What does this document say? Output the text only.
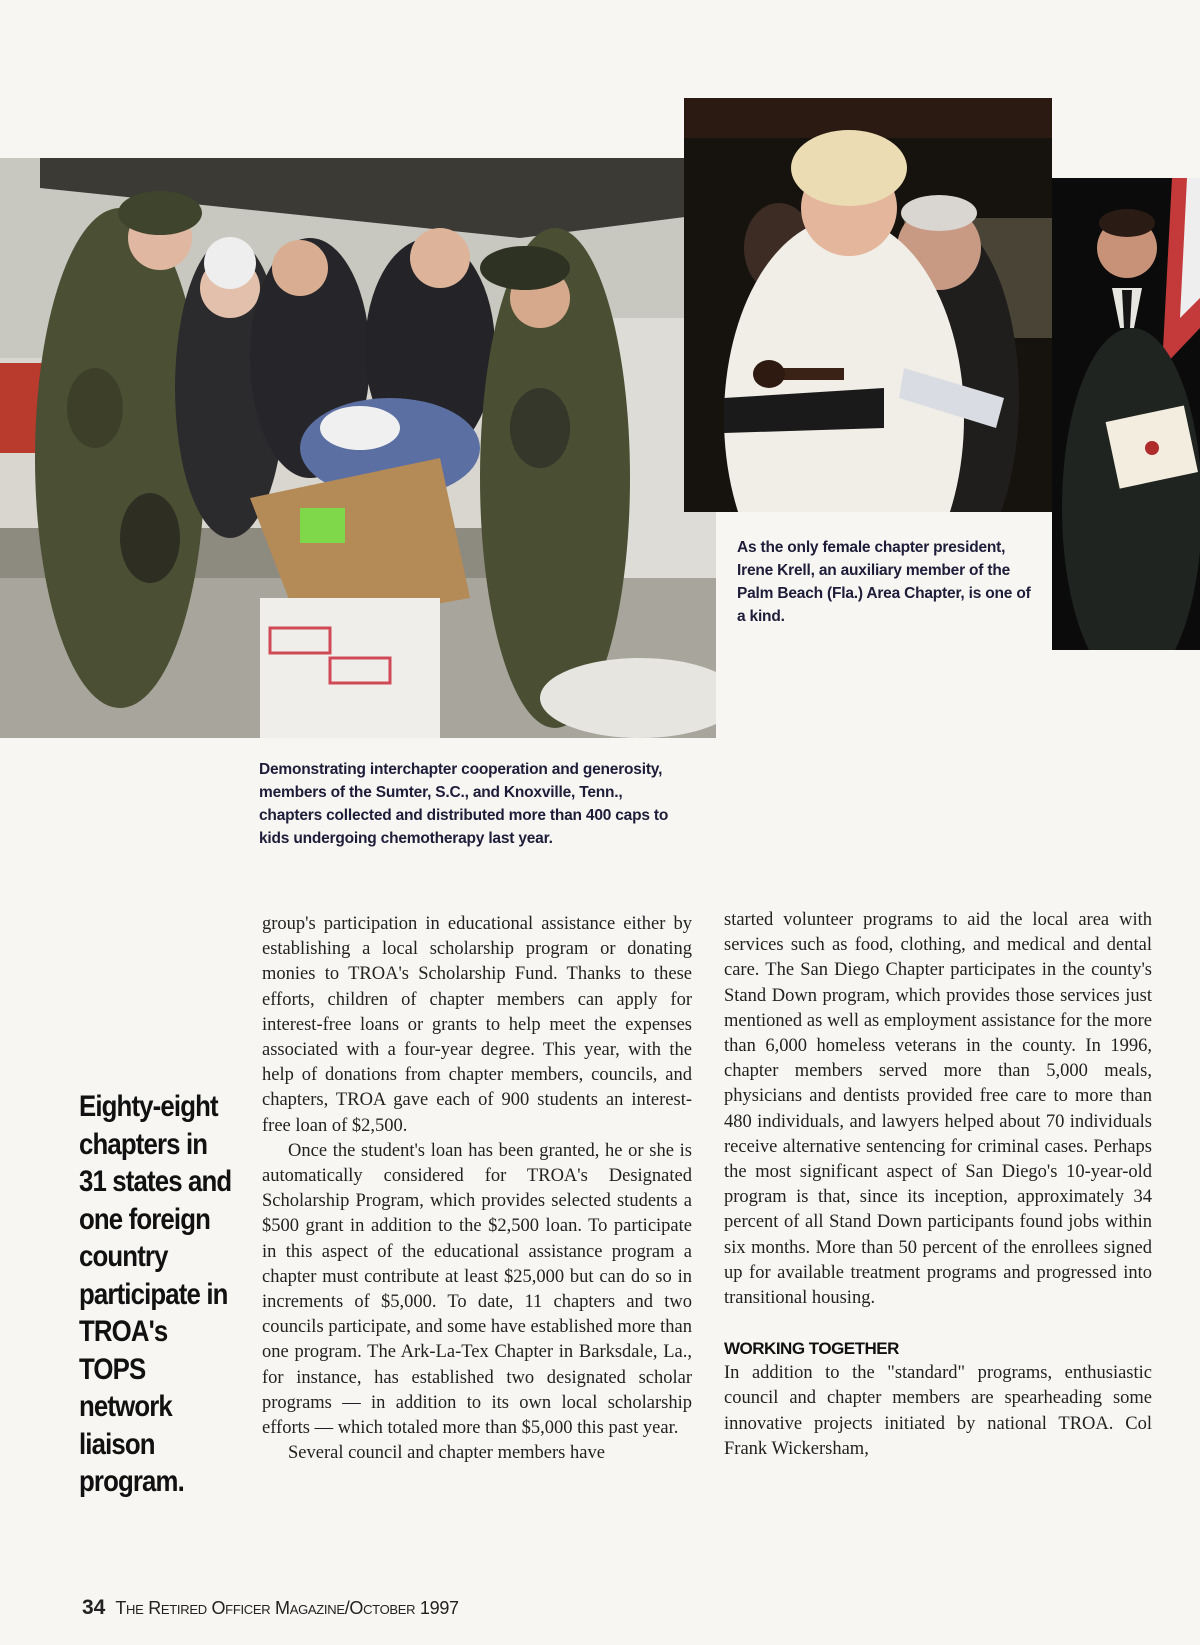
As the only female chapter president, Irene Krell, an auxiliary member of the Palm Beach (Fla.) Area Chapter, is one of a kind.
Demonstrating interchapter cooperation and generosity, members of the Sumter, S.C., and Knoxville, Tenn., chapters collected and distributed more than 400 caps to kids undergoing chemotherapy last year.
Eighty-eight chapters in 31 states and one foreign country participate in TROA's TOPS network liaison program.

group's participation in educational assistance either by establishing a local scholarship program or donating monies to TROA's Scholarship Fund. Thanks to these efforts, children of chapter members can apply for interest-free loans or grants to help meet the expenses associated with a four-year degree. This year, with the help of donations from chapter members, councils, and chapters, TROA gave each of 900 students an interest-free loan of $2,500.

Once the student's loan has been granted, he or she is automatically considered for TROA's Designated Scholarship Program, which provides selected students a $500 grant in addition to the $2,500 loan. To participate in this aspect of the educational assistance program a chapter must contribute at least $25,000 but can do so in increments of $5,000. To date, 11 chapters and two councils participate, and some have established more than one program. The Ark-La-Tex Chapter in Barksdale, La., for instance, has established two designated scholar programs — in addition to its own local scholarship efforts — which totaled more than $5,000 this past year.

Several council and chapter members have

started volunteer programs to aid the local area with services such as food, clothing, and medical and dental care. The San Diego Chapter participates in the county's Stand Down program, which provides those services just mentioned as well as employment assistance for the more than 6,000 homeless veterans in the county. In 1996, chapter members served more than 5,000 meals, physicians and dentists provided free care to more than 480 individuals, and lawyers helped about 70 individuals receive alternative sentencing for criminal cases. Perhaps the most significant aspect of San Diego's 10-year-old program is that, since its inception, approximately 34 percent of all Stand Down participants found jobs within six months. More than 50 percent of the enrollees signed up for available treatment programs and progressed into transitional housing.

WORKING TOGETHER

In addition to the "standard" programs, enthusiastic council and chapter members are spearheading some innovative projects initiated by national TROA. Col Frank Wickersham,

34 The Retired Officer Magazine/October 1997
